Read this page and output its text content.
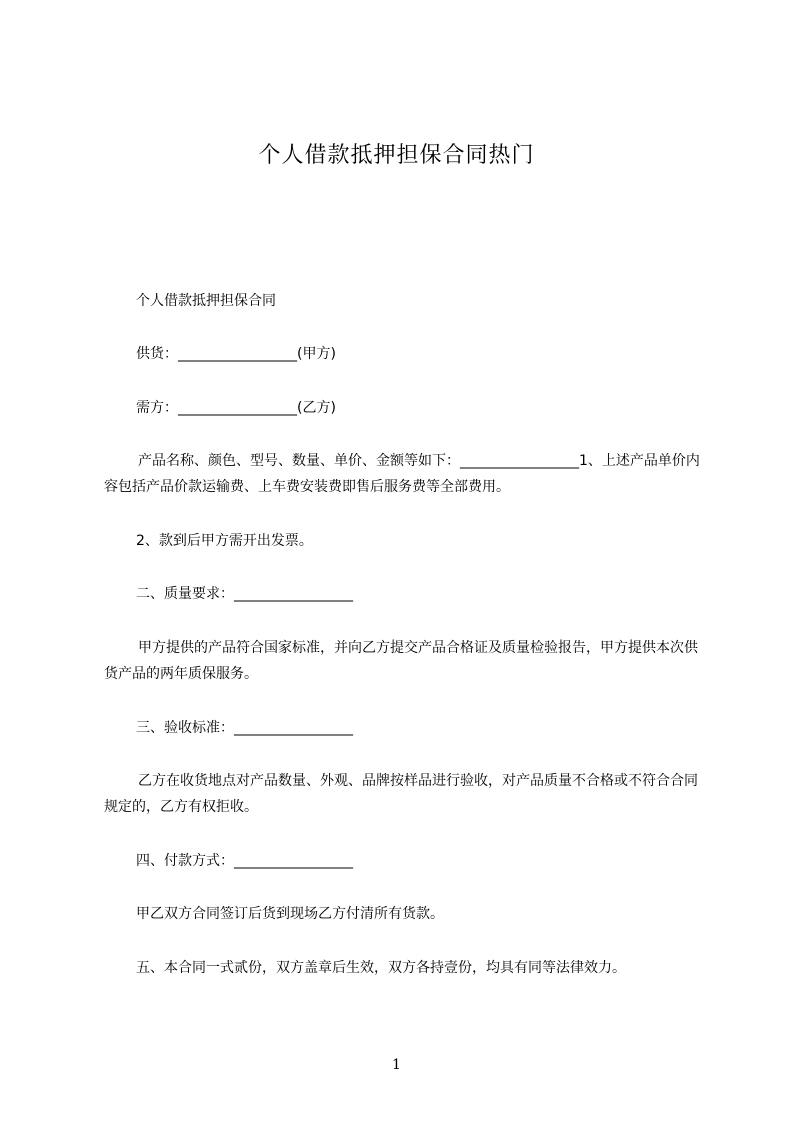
个人借款抵押担保合同热门
个人借款抵押担保合同
供货：_________________(甲方)
需方：_________________(乙方)
产品名称、颜色、型号、数量、单价、金额等如下：_________________1、上述产品单价内容包括产品价款运输费、上车费安装费即售后服务费等全部费用。
2、款到后甲方需开出发票。
二、质量要求：_________________
甲方提供的产品符合国家标准，并向乙方提交产品合格证及质量检验报告，甲方提供本次供货产品的两年质保服务。
三、验收标准：_________________
乙方在收货地点对产品数量、外观、品牌按样品进行验收，对产品质量不合格或不符合合同规定的，乙方有权拒收。
四、付款方式：_________________
甲乙双方合同签订后货到现场乙方付清所有货款。
五、本合同一式贰份，双方盖章后生效，双方各持壹份，均具有同等法律效力。
1
